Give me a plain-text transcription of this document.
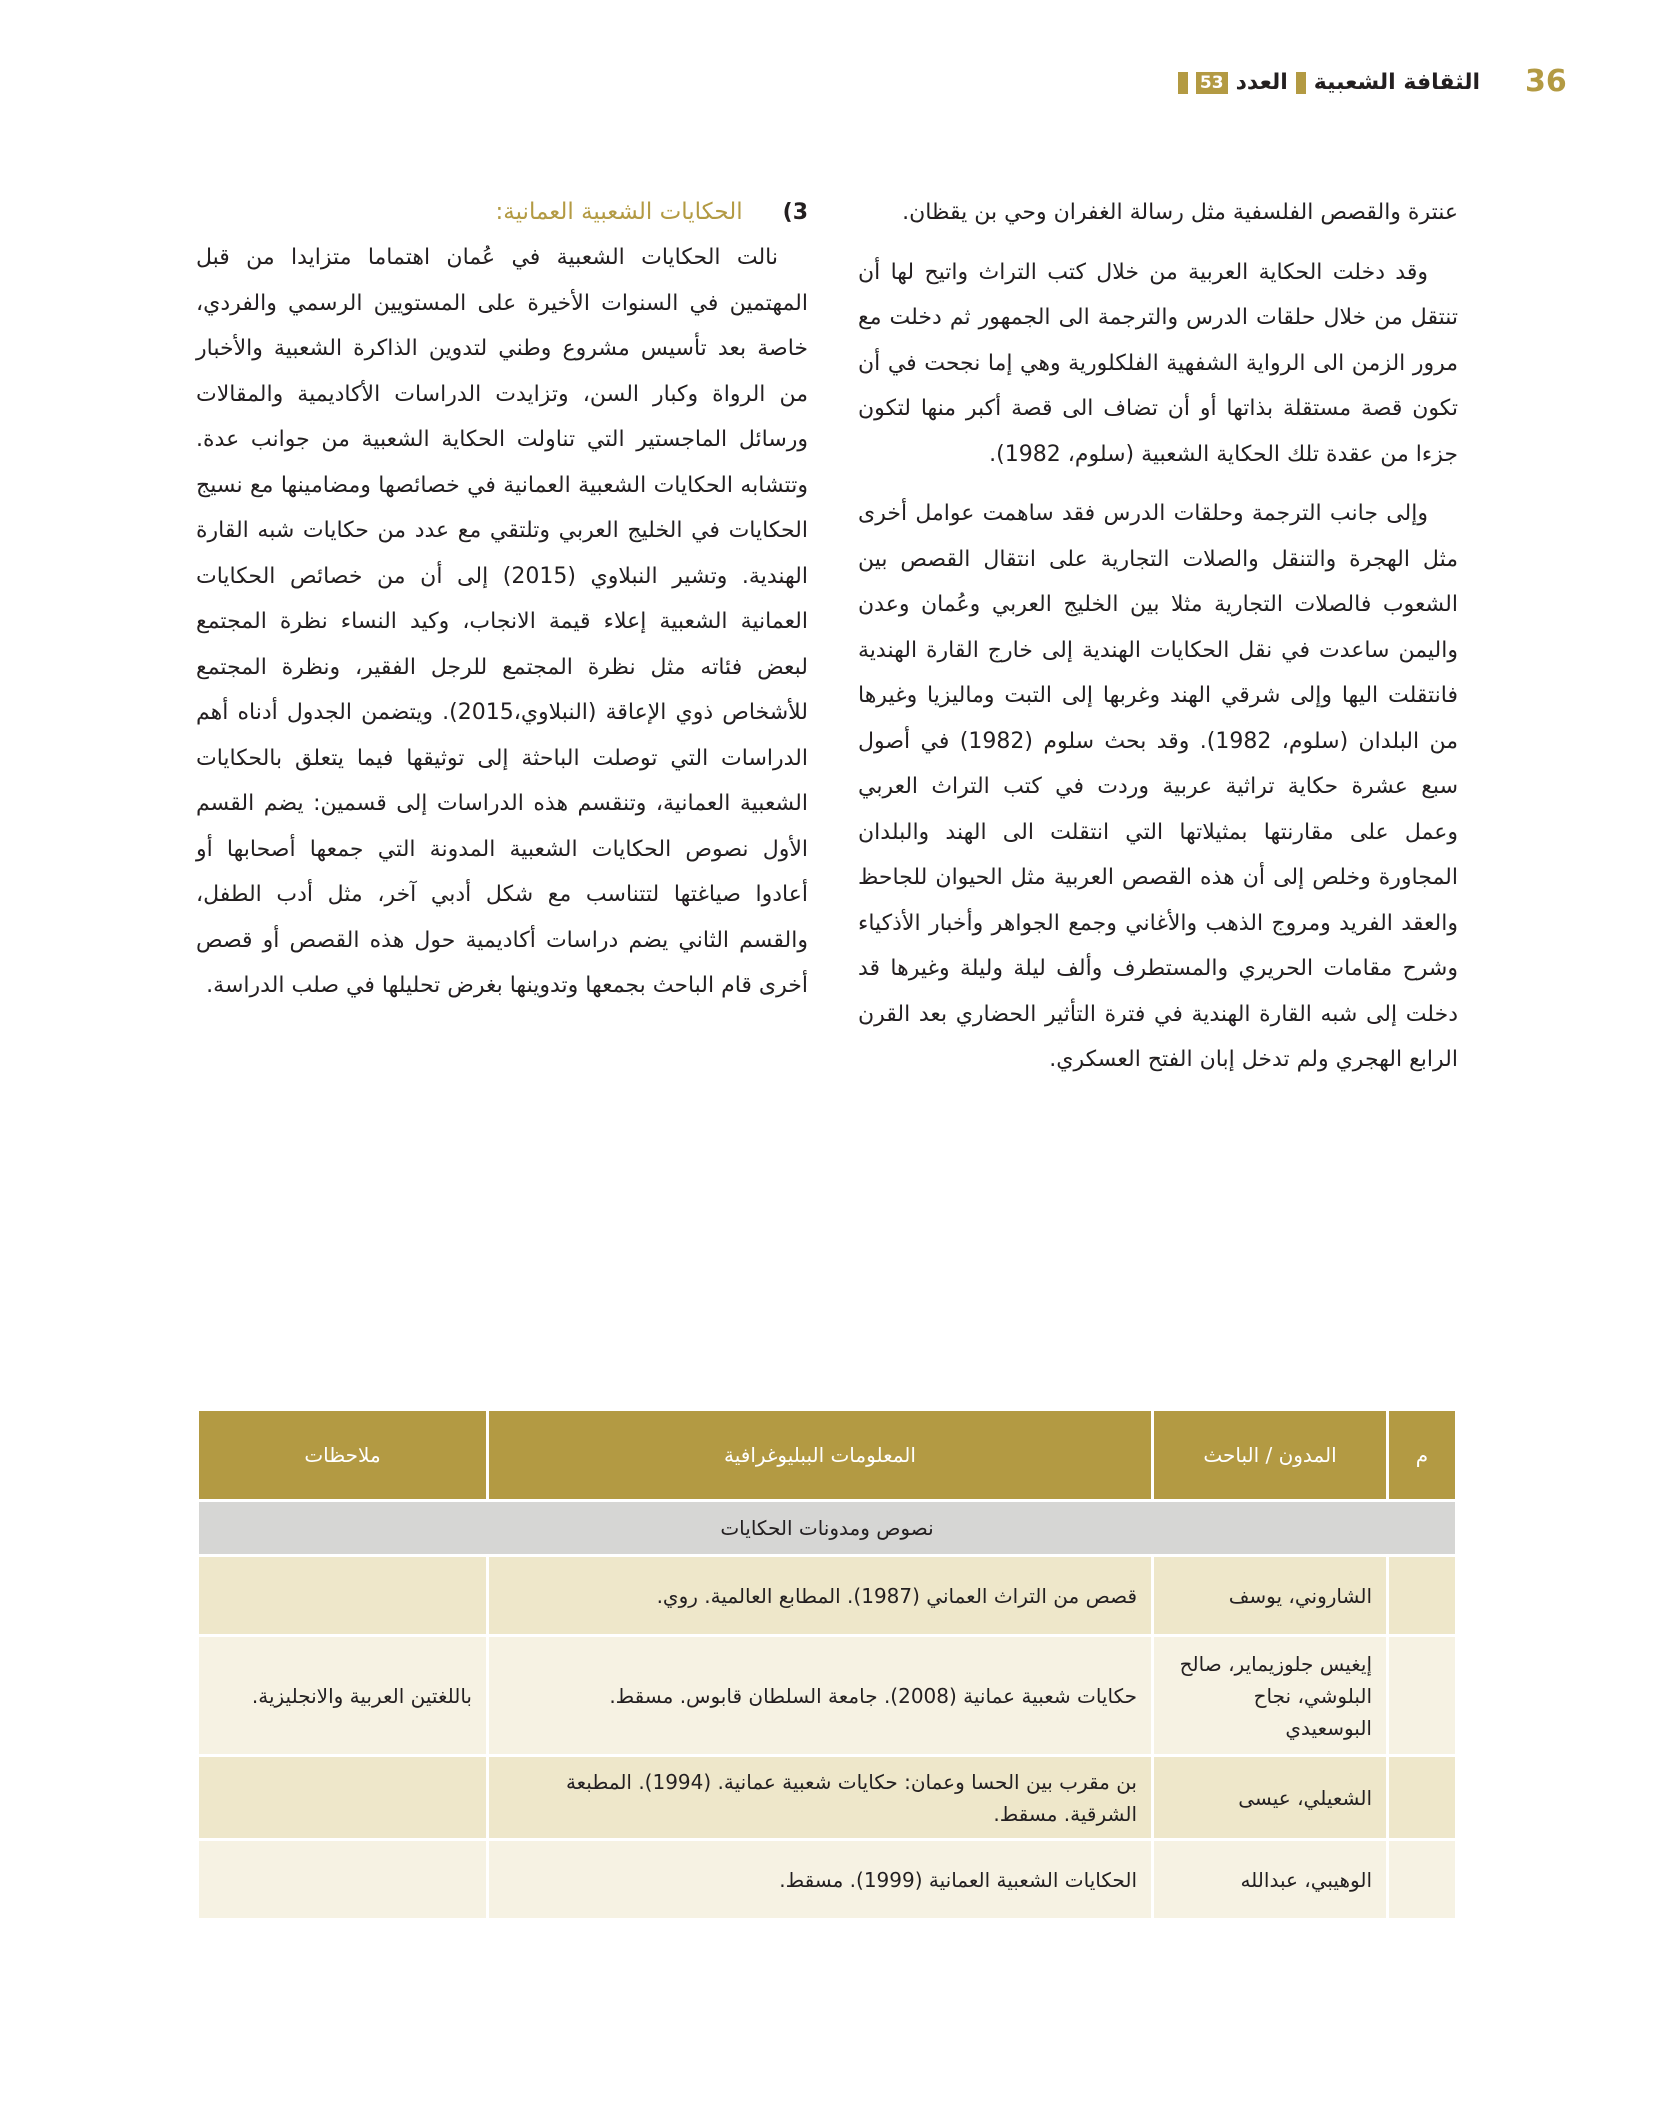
36
الثقافة الشعبية
العدد
53

عنترة والقصص الفلسفية مثل رسالة الغفران وحي بن يقظان.

وقد دخلت الحكاية العربية من خلال كتب التراث واتيح لها أن تنتقل من خلال حلقات الدرس والترجمة الى الجمهور ثم دخلت مع مرور الزمن الى الرواية الشفهية الفلكلورية وهي إما نجحت في أن تكون قصة مستقلة بذاتها أو أن تضاف الى قصة أكبر منها لتكون جزءا من عقدة تلك الحكاية الشعبية (سلوم، 1982).

وإلى جانب الترجمة وحلقات الدرس فقد ساهمت عوامل أخرى مثل الهجرة والتنقل والصلات التجارية على انتقال القصص بين الشعوب فالصلات التجارية مثلا بين الخليج العربي وعُمان وعدن واليمن ساعدت في نقل الحكايات الهندية إلى خارج القارة الهندية فانتقلت اليها وإلى شرقي الهند وغربها إلى التبت وماليزيا وغيرها من البلدان (سلوم، 1982). وقد بحث سلوم (1982) في أصول سبع عشرة حكاية تراثية عربية وردت في كتب التراث العربي وعمل على مقارنتها بمثيلاتها التي انتقلت الى الهند والبلدان المجاورة وخلص إلى أن هذه القصص العربية مثل الحيوان للجاحظ والعقد الفريد ومروج الذهب والأغاني وجمع الجواهر وأخبار الأذكياء وشرح مقامات الحريري والمستطرف وألف ليلة وليلة وغيرها قد دخلت إلى شبه القارة الهندية في فترة التأثير الحضاري بعد القرن الرابع الهجري ولم تدخل إبان الفتح العسكري.

3)
الحكايات الشعبية العمانية:

نالت الحكايات الشعبية في عُمان اهتماما متزايدا من قبل المهتمين في السنوات الأخيرة على المستويين الرسمي والفردي، خاصة بعد تأسيس مشروع وطني لتدوين الذاكرة الشعبية والأخبار من الرواة وكبار السن، وتزايدت الدراسات الأكاديمية والمقالات ورسائل الماجستير التي تناولت الحكاية الشعبية من جوانب عدة. وتتشابه الحكايات الشعبية العمانية في خصائصها ومضامينها مع نسيج الحكايات في الخليج العربي وتلتقي مع عدد من حكايات شبه القارة الهندية. وتشير النبلاوي (2015) إلى أن من خصائص الحكايات العمانية الشعبية إعلاء قيمة الانجاب، وكيد النساء نظرة المجتمع لبعض فئاته مثل نظرة المجتمع للرجل الفقير، ونظرة المجتمع للأشخاص ذوي الإعاقة (النبلاوي،2015). ويتضمن الجدول أدناه أهم الدراسات التي توصلت الباحثة إلى توثيقها فيما يتعلق بالحكايات الشعبية العمانية، وتنقسم هذه الدراسات إلى قسمين: يضم القسم الأول نصوص الحكايات الشعبية المدونة التي جمعها أصحابها أو أعادوا صياغتها لتتناسب مع شكل أدبي آخر، مثل أدب الطفل، والقسم الثاني يضم دراسات أكاديمية حول هذه القصص أو قصص أخرى قام الباحث بجمعها وتدوينها بغرض تحليلها في صلب الدراسة.

م	المدون / الباحث	المعلومات الببليوغرافية	ملاحظات
نصوص ومدونات الحكايات			
	الشاروني، يوسف	قصص من التراث العماني (1987). المطابع العالمية. روي.	
	إيغيس جلوزيماير، صالح البلوشي، نجاح البوسعيدي	حكايات شعبية عمانية (2008). جامعة السلطان قابوس. مسقط.	باللغتين العربية والانجليزية.
	الشعيلي، عيسى	بن مقرب بين الحسا وعمان: حكايات شعبية عمانية. (1994). المطبعة الشرقية. مسقط.	
	الوهيبي، عبدالله	الحكايات الشعبية العمانية (1999). مسقط.	
